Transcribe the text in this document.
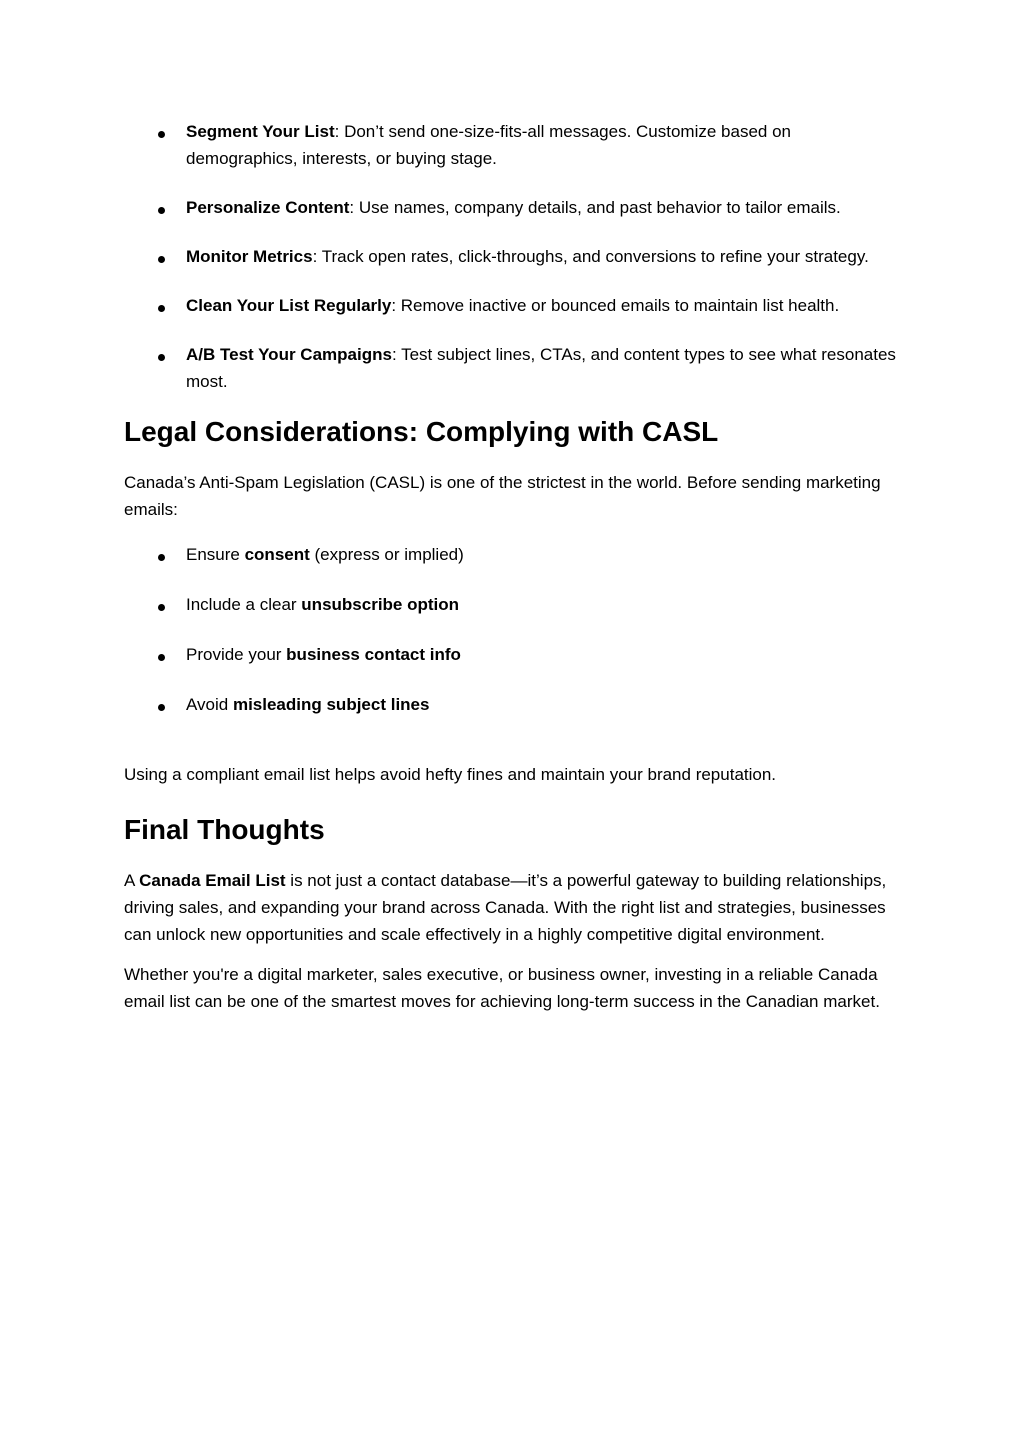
Segment Your List: Don’t send one-size-fits-all messages. Customize based on demographics, interests, or buying stage.
Personalize Content: Use names, company details, and past behavior to tailor emails.
Monitor Metrics: Track open rates, click-throughs, and conversions to refine your strategy.
Clean Your List Regularly: Remove inactive or bounced emails to maintain list health.
A/B Test Your Campaigns: Test subject lines, CTAs, and content types to see what resonates most.
Legal Considerations: Complying with CASL

Canada’s Anti-Spam Legislation (CASL) is one of the strictest in the world. Before sending marketing emails:

Ensure consent (express or implied)
Include a clear unsubscribe option
Provide your business contact info
Avoid misleading subject lines

Using a compliant email list helps avoid hefty fines and maintain your brand reputation.

Final Thoughts

A Canada Email List is not just a contact database—it’s a powerful gateway to building relationships, driving sales, and expanding your brand across Canada. With the right list and strategies, businesses can unlock new opportunities and scale effectively in a highly competitive digital environment.

Whether you're a digital marketer, sales executive, or business owner, investing in a reliable Canada email list can be one of the smartest moves for achieving long-term success in the Canadian market.
